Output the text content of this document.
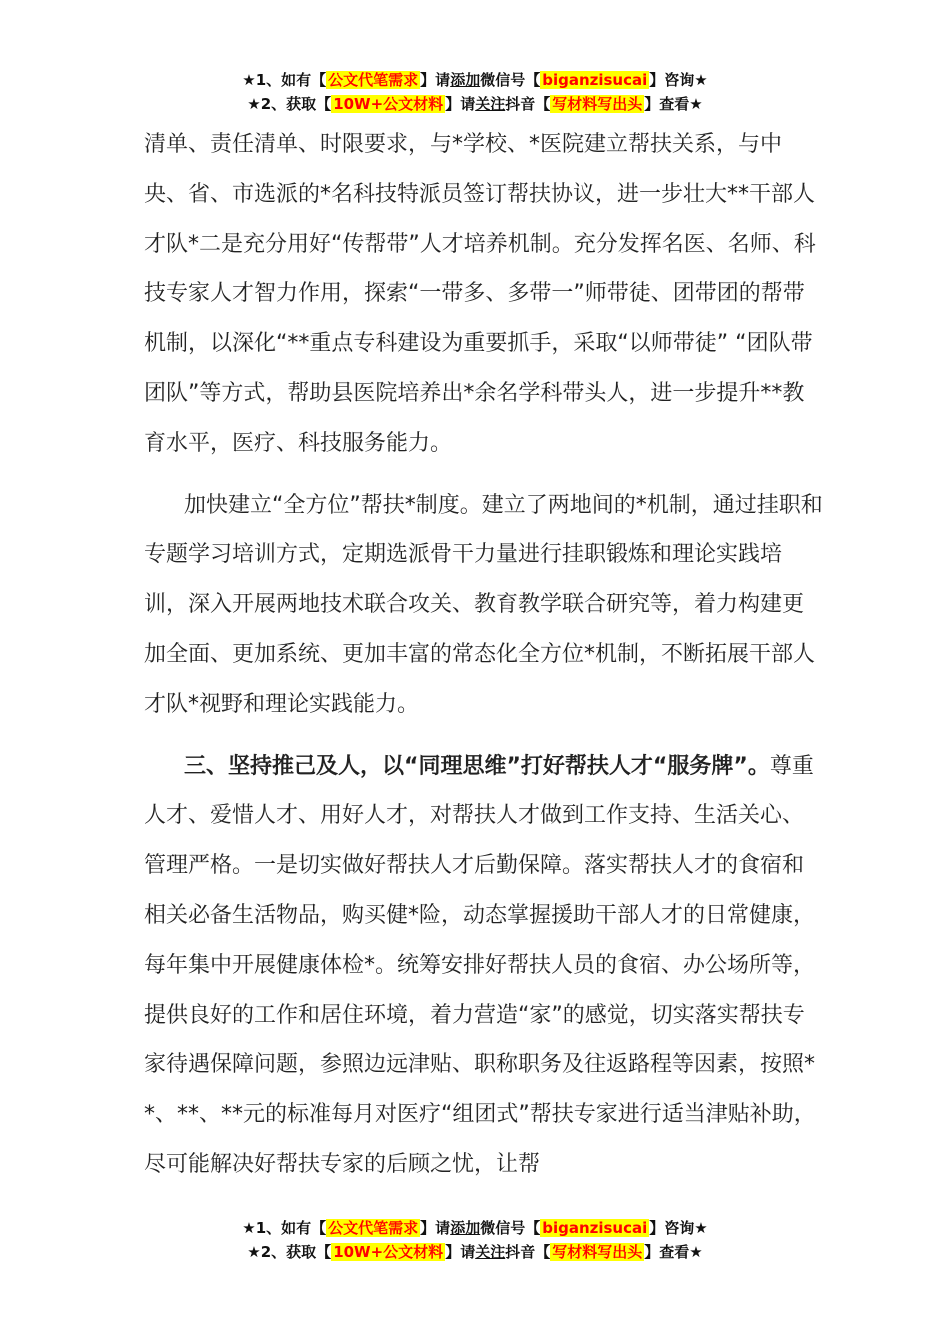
★1、如有【 公文代笔需求 】请添加微信号【 biganzisucai 】咨询★
★2、获取【 10W+公文材料 】请关注抖音【 写材料写出头 】查看★

清单、责任清单、时限要求，与*学校、*医院建立帮扶关系，与中央、省、市选派的*名科技特派员签订帮扶协议，进一步壮大**干部人才队*二是充分用好“传帮带”人才培养机制。充分发挥名医、名师、科技专家人才智力作用，探索“一带多、多带一”师带徒、团带团的帮带机制，以深化“**重点专科建设为重要抓手，采取“以师带徒” “团队带团队”等方式，帮助县医院培养出*余名学科带头人，进一步提升**教育水平，医疗、科技服务能力。

加快建立“全方位”帮扶*制度。建立了两地间的*机制，通过挂职和专题学习培训方式，定期选派骨干力量进行挂职锻炼和理论实践培训，深入开展两地技术联合攻关、教育教学联合研究等，着力构建更加全面、更加系统、更加丰富的常态化全方位*机制，不断拓展干部人才队*视野和理论实践能力。

三、坚持推己及人，以“同理思维”打好帮扶人才“服务牌”。尊重人才、爱惜人才、用好人才，对帮扶人才做到工作支持、生活关心、管理严格。一是切实做好帮扶人才后勤保障。落实帮扶人才的食宿和相关必备生活物品，购买健*险，动态掌握援助干部人才的日常健康，每年集中开展健康体检*。统筹安排好帮扶人员的食宿、办公场所等，提供良好的工作和居住环境，着力营造“家”的感觉，切实落实帮扶专家待遇保障问题，参照边远津贴、职称职务及往返路程等因素，按照**、**、**元的标准每月对医疗“组团式”帮扶专家进行适当津贴补助，尽可能解决好帮扶专家的后顾之忧，让帮

★1、如有【 公文代笔需求 】请添加微信号【 biganzisucai 】咨询★
★2、获取【 10W+公文材料 】请关注抖音【 写材料写出头 】查看★
